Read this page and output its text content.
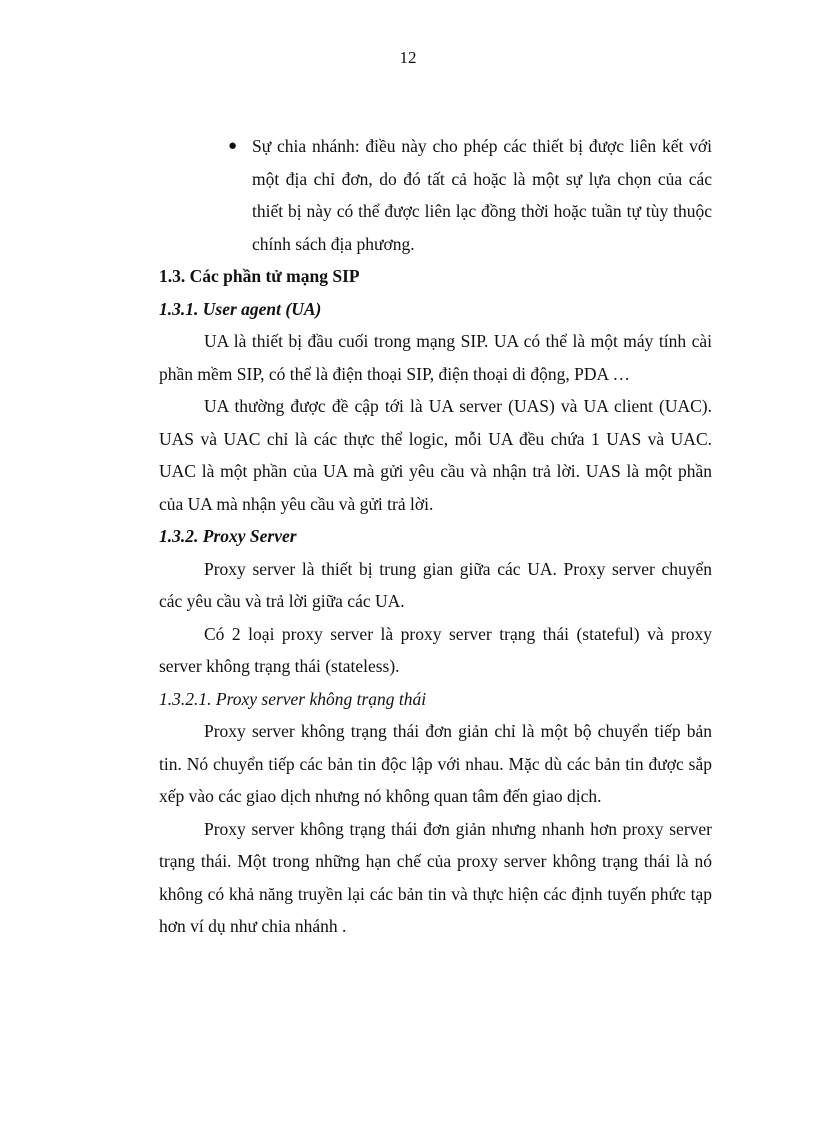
12
● Sự chia nhánh: điều này cho phép các thiết bị được liên kết với một địa chỉ đơn, do đó tất cả hoặc là một sự lựa chọn của các thiết bị này có thể được liên lạc đồng thời hoặc tuần tự tùy thuộc chính sách địa phương.

1.3. Các phần tử mạng SIP

1.3.1. User agent (UA)

UA là thiết bị đầu cuối trong mạng SIP. UA có thể là một máy tính cài phần mềm SIP, có thể là điện thoại SIP, điện thoại di động, PDA …

UA thường được đề cập tới là UA server (UAS) và UA client (UAC). UAS và UAC chỉ là các thực thể logic, mỗi UA đều chứa 1 UAS và UAC. UAC là một phần của UA mà gửi yêu cầu và nhận trả lời. UAS là một phần của UA mà nhận yêu cầu và gửi trả lời.

1.3.2. Proxy Server

Proxy server là thiết bị trung gian giữa các UA. Proxy server chuyển các yêu cầu và trả lời giữa các UA.

Có 2 loại proxy server là proxy server trạng thái (stateful) và proxy server không trạng thái (stateless).

1.3.2.1. Proxy server không trạng thái

Proxy server không trạng thái đơn giản chỉ là một bộ chuyển tiếp bản tin. Nó chuyển tiếp các bản tin độc lập với nhau. Mặc dù các bản tin được sắp xếp vào các giao dịch nhưng nó không quan tâm đến giao dịch.

Proxy server không trạng thái đơn giản nhưng nhanh hơn proxy server trạng thái. Một trong những hạn chế của proxy server không trạng thái là nó không có khả năng truyền lại các bản tin và thực hiện các định tuyến phức tạp hơn ví dụ như chia nhánh .
